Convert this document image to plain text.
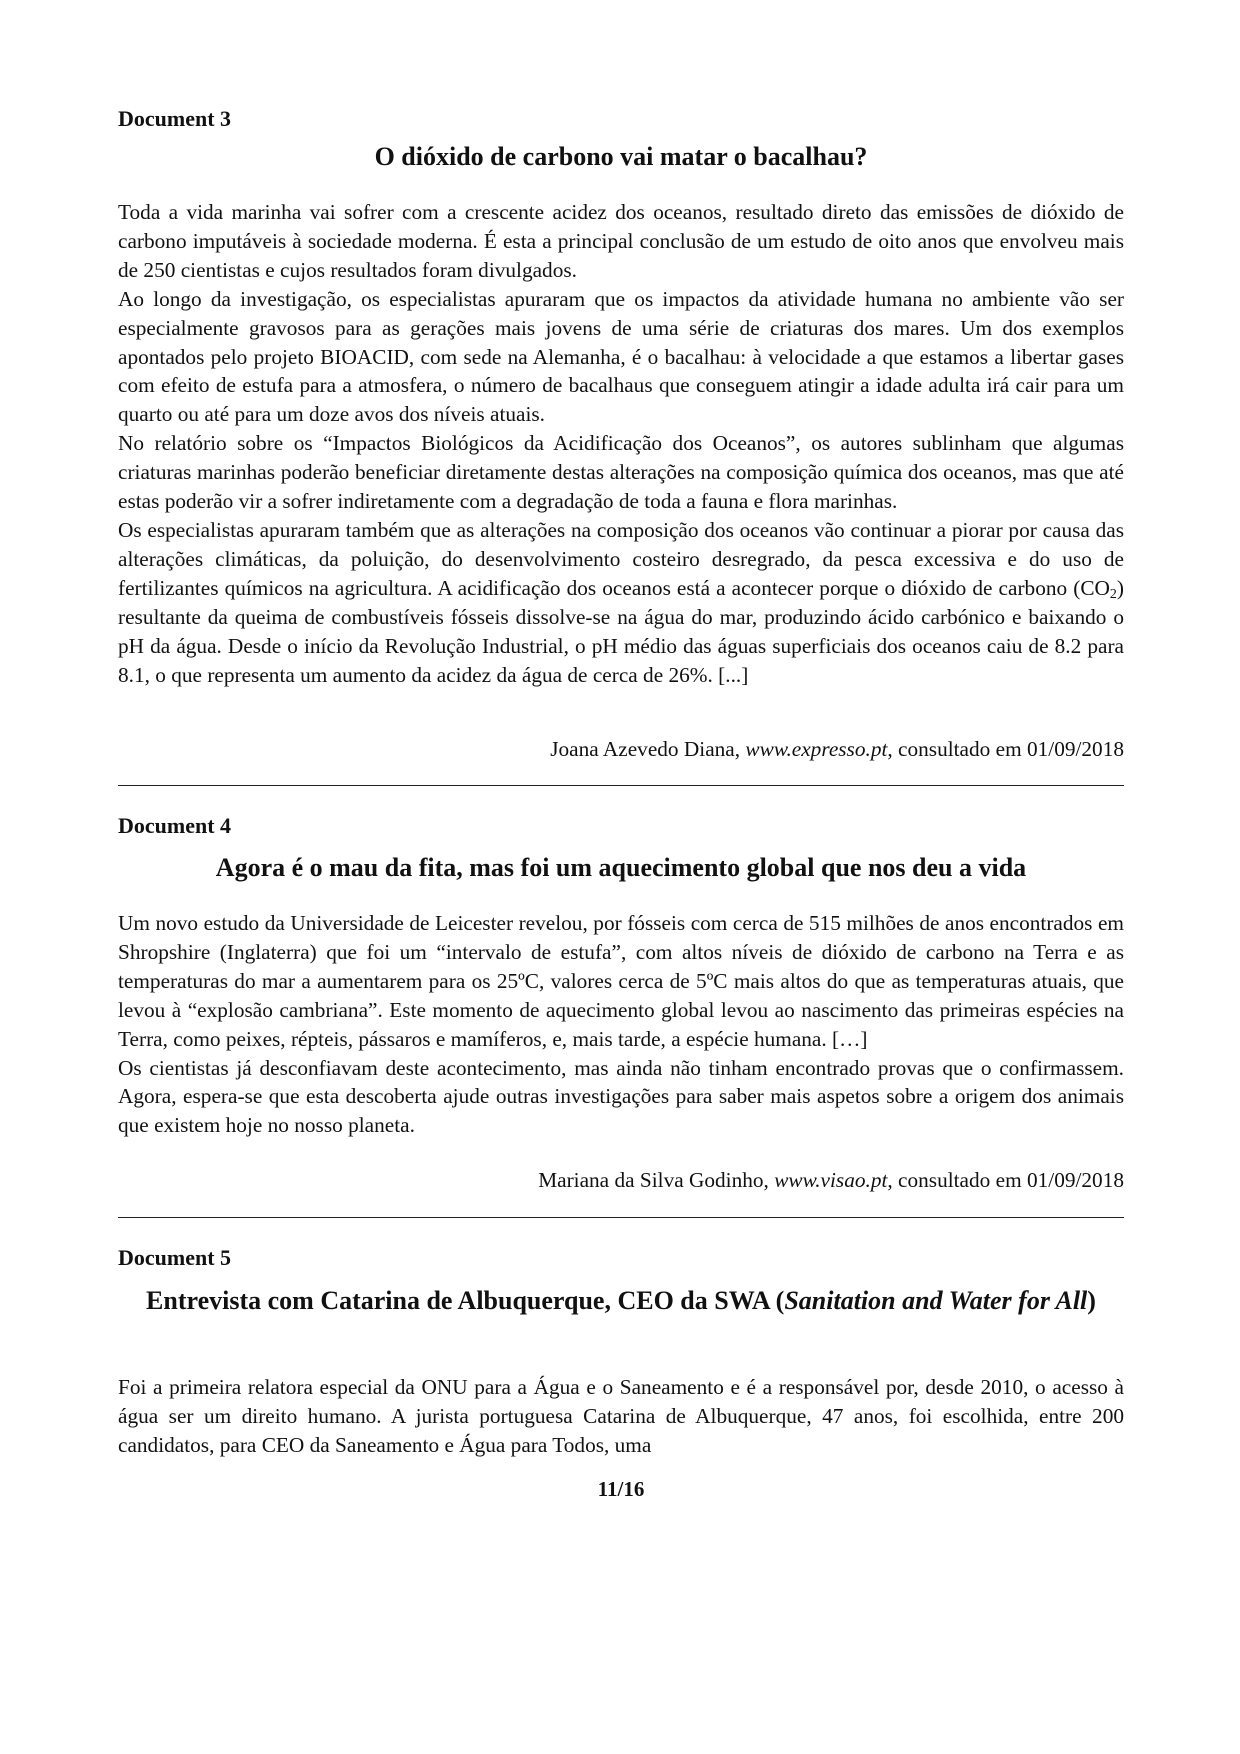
Document 3
O dióxido de carbono vai matar o bacalhau?

Toda a vida marinha vai sofrer com a crescente acidez dos oceanos, resultado direto das emissões de dióxido de carbono imputáveis à sociedade moderna. É esta a principal conclusão de um estudo de oito anos que envolveu mais de 250 cientistas e cujos resultados foram divulgados.

Ao longo da investigação, os especialistas apuraram que os impactos da atividade humana no ambiente vão ser especialmente gravosos para as gerações mais jovens de uma série de criaturas dos mares. Um dos exemplos apontados pelo projeto BIOACID, com sede na Alemanha, é o bacalhau: à velocidade a que estamos a libertar gases com efeito de estufa para a atmosfera, o número de bacalhaus que conseguem atingir a idade adulta irá cair para um quarto ou até para um doze avos dos níveis atuais.

No relatório sobre os “Impactos Biológicos da Acidificação dos Oceanos”, os autores sublinham que algumas criaturas marinhas poderão beneficiar diretamente destas alterações na composição química dos oceanos, mas que até estas poderão vir a sofrer indiretamente com a degradação de toda a fauna e flora marinhas.

Os especialistas apuraram também que as alterações na composição dos oceanos vão continuar a piorar por causa das alterações climáticas, da poluição, do desenvolvimento costeiro desregrado, da pesca excessiva e do uso de fertilizantes químicos na agricultura. A acidificação dos oceanos está a acontecer porque o dióxido de carbono $(CO_2)$ resultante da queima de combustíveis fósseis dissolve-se na água do mar, produzindo ácido carbónico e baixando o pH da água. Desde o início da Revolução Industrial, o pH médio das águas superficiais dos oceanos caiu de 8.2 para 8.1, o que representa um aumento da acidez da água de cerca de 26%. [...]

Joana Azevedo Diana, www.expresso.pt, consultado em 01/09/2018
Document 4
Agora é o mau da fita, mas foi um aquecimento global que nos deu a vida

Um novo estudo da Universidade de Leicester revelou, por fósseis com cerca de 515 milhões de anos encontrados em Shropshire (Inglaterra) que foi um “intervalo de estufa”, com altos níveis de dióxido de carbono na Terra e as temperaturas do mar a aumentarem para os 25ºC, valores cerca de 5ºC mais altos do que as temperaturas atuais, que levou à “explosão cambriana”. Este momento de aquecimento global levou ao nascimento das primeiras espécies na Terra, como peixes, répteis, pássaros e mamíferos, e, mais tarde, a espécie humana. […]

Os cientistas já desconfiavam deste acontecimento, mas ainda não tinham encontrado provas que o confirmassem. Agora, espera-se que esta descoberta ajude outras investigações para saber mais aspetos sobre a origem dos animais que existem hoje no nosso planeta.

Mariana da Silva Godinho, www.visao.pt, consultado em 01/09/2018
Document 5
Entrevista com Catarina de Albuquerque, CEO da SWA (Sanitation and Water for All)

Foi a primeira relatora especial da ONU para a Água e o Saneamento e é a responsável por, desde 2010, o acesso à água ser um direito humano. A jurista portuguesa Catarina de Albuquerque, 47 anos, foi escolhida, entre 200 candidatos, para CEO da Saneamento e Água para Todos, uma

11/16
